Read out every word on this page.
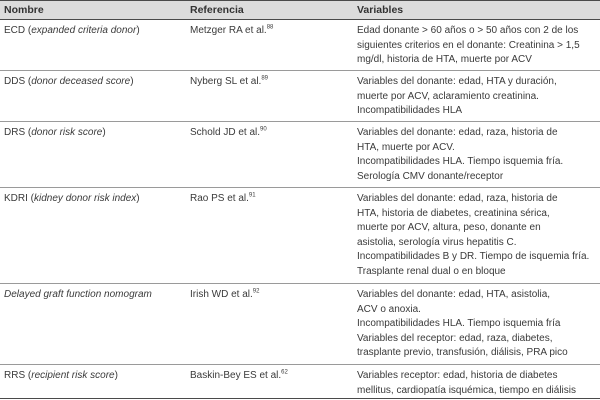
Nombre	Referencia	Variables
ECD (expanded criteria donor)	Metzger RA et al.$^{88}$	Edad donante > 60 años o > 50 años con 2 de los
siguientes criterios en el donante: Creatinina > 1,5
mg/dl, historia de HTA, muerte por ACV
DDS (donor deceased score)	Nyberg SL et al.$^{89}$	Variables del donante: edad, HTA y duración,
muerte por ACV, aclaramiento creatinina.
Incompatibilidades HLA
DRS (donor risk score)	Schold JD et al.$^{90}$	Variables del donante: edad, raza, historia de
HTA, muerte por ACV.
Incompatibilidades HLA. Tiempo isquemia fría.
Serología CMV donante/receptor
KDRI (kidney donor risk index)	Rao PS et al.$^{91}$	Variables del donante: edad, raza, historia de
HTA, historia de diabetes, creatinina sérica,
muerte por ACV, altura, peso, donante en
asistolia, serología virus hepatitis C.
Incompatibilidades B y DR. Tiempo de isquemia fría.
Trasplante renal dual o en bloque
Delayed graft function nomogram	Irish WD et al.$^{92}$	Variables del donante: edad, HTA, asistolia,
ACV o anoxia.
Incompatibilidades HLA. Tiempo isquemia fría
Variables del receptor: edad, raza, diabetes,
trasplante previo, transfusión, diálisis, PRA pico
RRS (recipient risk score)	Baskin-Bey ES et al.$^{62}$	Variables receptor: edad, historia de diabetes
mellitus, cardiopatía isquémica, tiempo en diálisis
